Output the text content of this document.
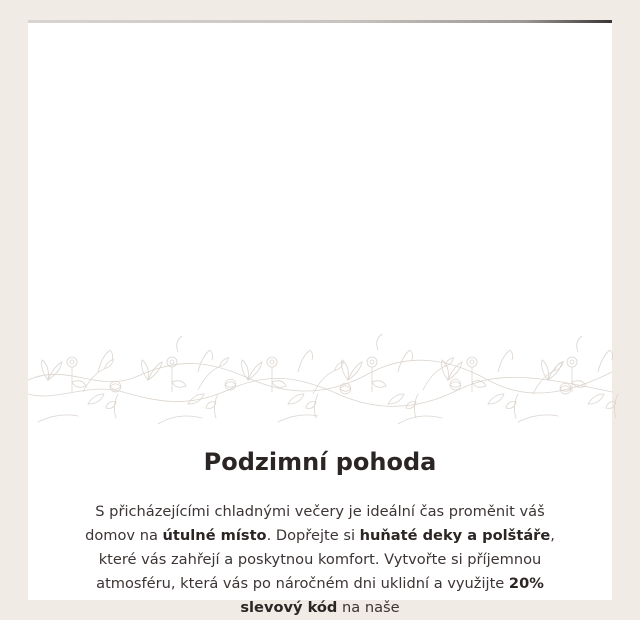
Podzimní pohoda

S přicházejícími chladnými večery je ideální čas proměnit váš domov na útulné místo. Dopřejte si huňaté deky a polštáře, které vás zahřejí a poskytnou komfort. Vytvořte si příjemnou atmosféru, která vás po náročném dni uklidní a využijte 20% slevový kód na naše
